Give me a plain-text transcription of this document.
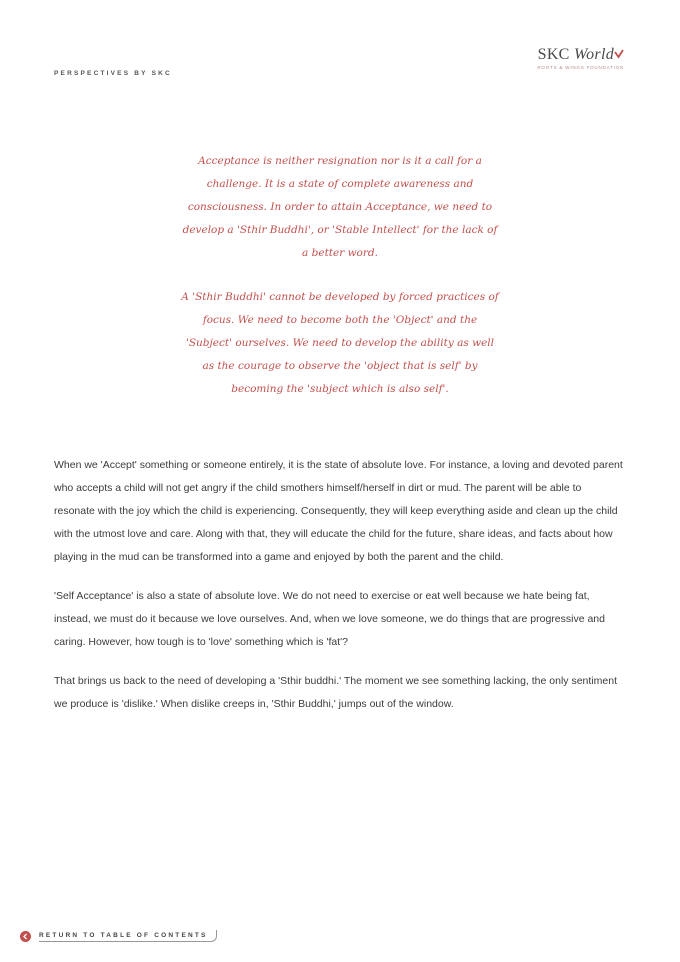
PERSPECTIVES BY SKC
SKC World
ROOTS & WINGS FOUNDATION

Acceptance is neither resignation nor is it a call for a challenge. It is a state of complete awareness and consciousness. In order to attain Acceptance, we need to develop a 'Sthir Buddhi', or 'Stable Intellect' for the lack of a better word.

A 'Sthir Buddhi' cannot be developed by forced practices of focus. We need to become both the 'Object' and the 'Subject' ourselves. We need to develop the ability as well as the courage to observe the 'object that is self' by becoming the 'subject which is also self'.

When we 'Accept' something or someone entirely, it is the state of absolute love. For instance, a loving and devoted parent who accepts a child will not get angry if the child smothers himself/herself in dirt or mud. The parent will be able to resonate with the joy which the child is experiencing. Consequently, they will keep everything aside and clean up the child with the utmost love and care. Along with that, they will educate the child for the future, share ideas, and facts about how playing in the mud can be transformed into a game and enjoyed by both the parent and the child.

'Self Acceptance' is also a state of absolute love. We do not need to exercise or eat well because we hate being fat, instead, we must do it because we love ourselves. And, when we love someone, we do things that are progressive and caring. However, how tough is to 'love' something which is 'fat'?

That brings us back to the need of developing a 'Sthir buddhi.' The moment we see something lacking, the only sentiment we produce is 'dislike.' When dislike creeps in, 'Sthir Buddhi,' jumps out of the window.

RETURN TO TABLE OF CONTENTS
